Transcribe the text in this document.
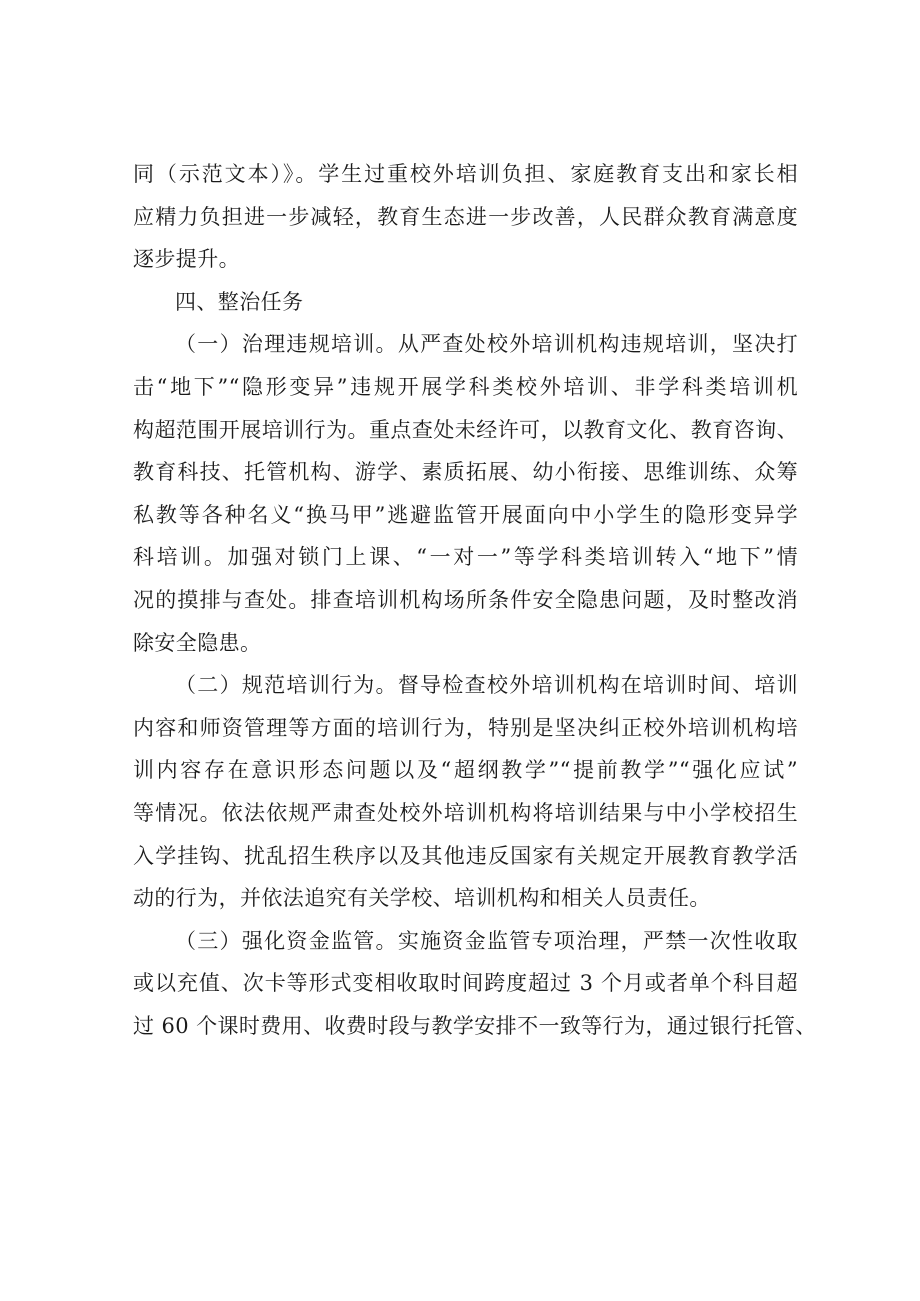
同（示范文本）》。学生过重校外培训负担、家庭教育支出和家长相
应精力负担进一步减轻，教育生态进一步改善，人民群众教育满意度
逐步提升。
四、整治任务
（一）治理违规培训。从严查处校外培训机构违规培训，坚决打
击“地下”“隐形变异”违规开展学科类校外培训、非学科类培训机
构超范围开展培训行为。重点查处未经许可，以教育文化、教育咨询、
教育科技、托管机构、游学、素质拓展、幼小衔接、思维训练、众筹
私教等各种名义“换马甲”逃避监管开展面向中小学生的隐形变异学
科培训。加强对锁门上课、“一对一”等学科类培训转入“地下”情
况的摸排与查处。排查培训机构场所条件安全隐患问题，及时整改消
除安全隐患。
（二）规范培训行为。督导检查校外培训机构在培训时间、培训
内容和师资管理等方面的培训行为，特别是坚决纠正校外培训机构培
训内容存在意识形态问题以及“超纲教学”“提前教学”“强化应试”
等情况。依法依规严肃查处校外培训机构将培训结果与中小学校招生
入学挂钩、扰乱招生秩序以及其他违反国家有关规定开展教育教学活
动的行为，并依法追究有关学校、培训机构和相关人员责任。
（三）强化资金监管。实施资金监管专项治理，严禁一次性收取
或以充值、次卡等形式变相收取时间跨度超过 3 个月或者单个科目超
过 60 个课时费用、收费时段与教学安排不一致等行为，通过银行托管、
